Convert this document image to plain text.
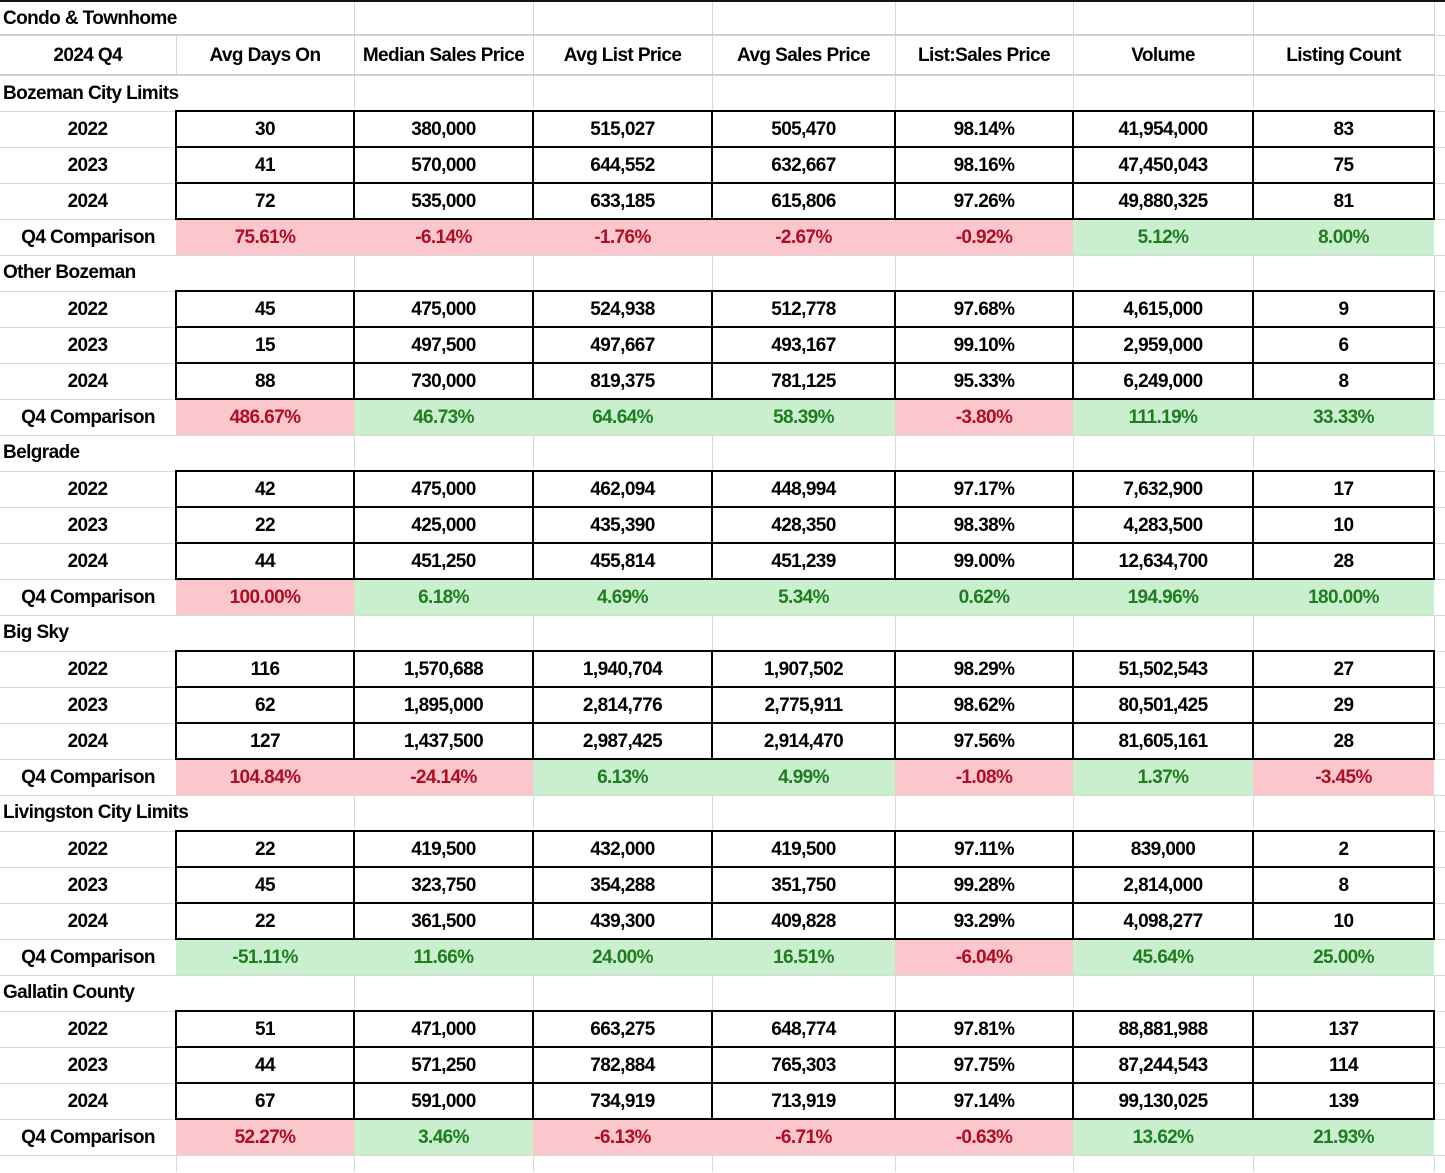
Condo & Townhome								
2024 Q4	Avg Days On	Median Sales Price	Avg List Price	Avg Sales Price	List:Sales Price	Volume	Listing Count	
Bozeman City Limits								
2022	30	380,000	515,027	505,470	98.14%	41,954,000	83	
2023	41	570,000	644,552	632,667	98.16%	47,450,043	75	
2024	72	535,000	633,185	615,806	97.26%	49,880,325	81	
Q4 Comparison	75.61%	-6.14%	-1.76%	-2.67%	-0.92%	5.12%	8.00%	
Other Bozeman								
2022	45	475,000	524,938	512,778	97.68%	4,615,000	9	
2023	15	497,500	497,667	493,167	99.10%	2,959,000	6	
2024	88	730,000	819,375	781,125	95.33%	6,249,000	8	
Q4 Comparison	486.67%	46.73%	64.64%	58.39%	-3.80%	111.19%	33.33%	
Belgrade								
2022	42	475,000	462,094	448,994	97.17%	7,632,900	17	
2023	22	425,000	435,390	428,350	98.38%	4,283,500	10	
2024	44	451,250	455,814	451,239	99.00%	12,634,700	28	
Q4 Comparison	100.00%	6.18%	4.69%	5.34%	0.62%	194.96%	180.00%	
Big Sky								
2022	116	1,570,688	1,940,704	1,907,502	98.29%	51,502,543	27	
2023	62	1,895,000	2,814,776	2,775,911	98.62%	80,501,425	29	
2024	127	1,437,500	2,987,425	2,914,470	97.56%	81,605,161	28	
Q4 Comparison	104.84%	-24.14%	6.13%	4.99%	-1.08%	1.37%	-3.45%	
Livingston City Limits								
2022	22	419,500	432,000	419,500	97.11%	839,000	2	
2023	45	323,750	354,288	351,750	99.28%	2,814,000	8	
2024	22	361,500	439,300	409,828	93.29%	4,098,277	10	
Q4 Comparison	-51.11%	11.66%	24.00%	16.51%	-6.04%	45.64%	25.00%	
Gallatin County								
2022	51	471,000	663,275	648,774	97.81%	88,881,988	137	
2023	44	571,250	782,884	765,303	97.75%	87,244,543	114	
2024	67	591,000	734,919	713,919	97.14%	99,130,025	139	
Q4 Comparison	52.27%	3.46%	-6.13%	-6.71%	-0.63%	13.62%	21.93%	
